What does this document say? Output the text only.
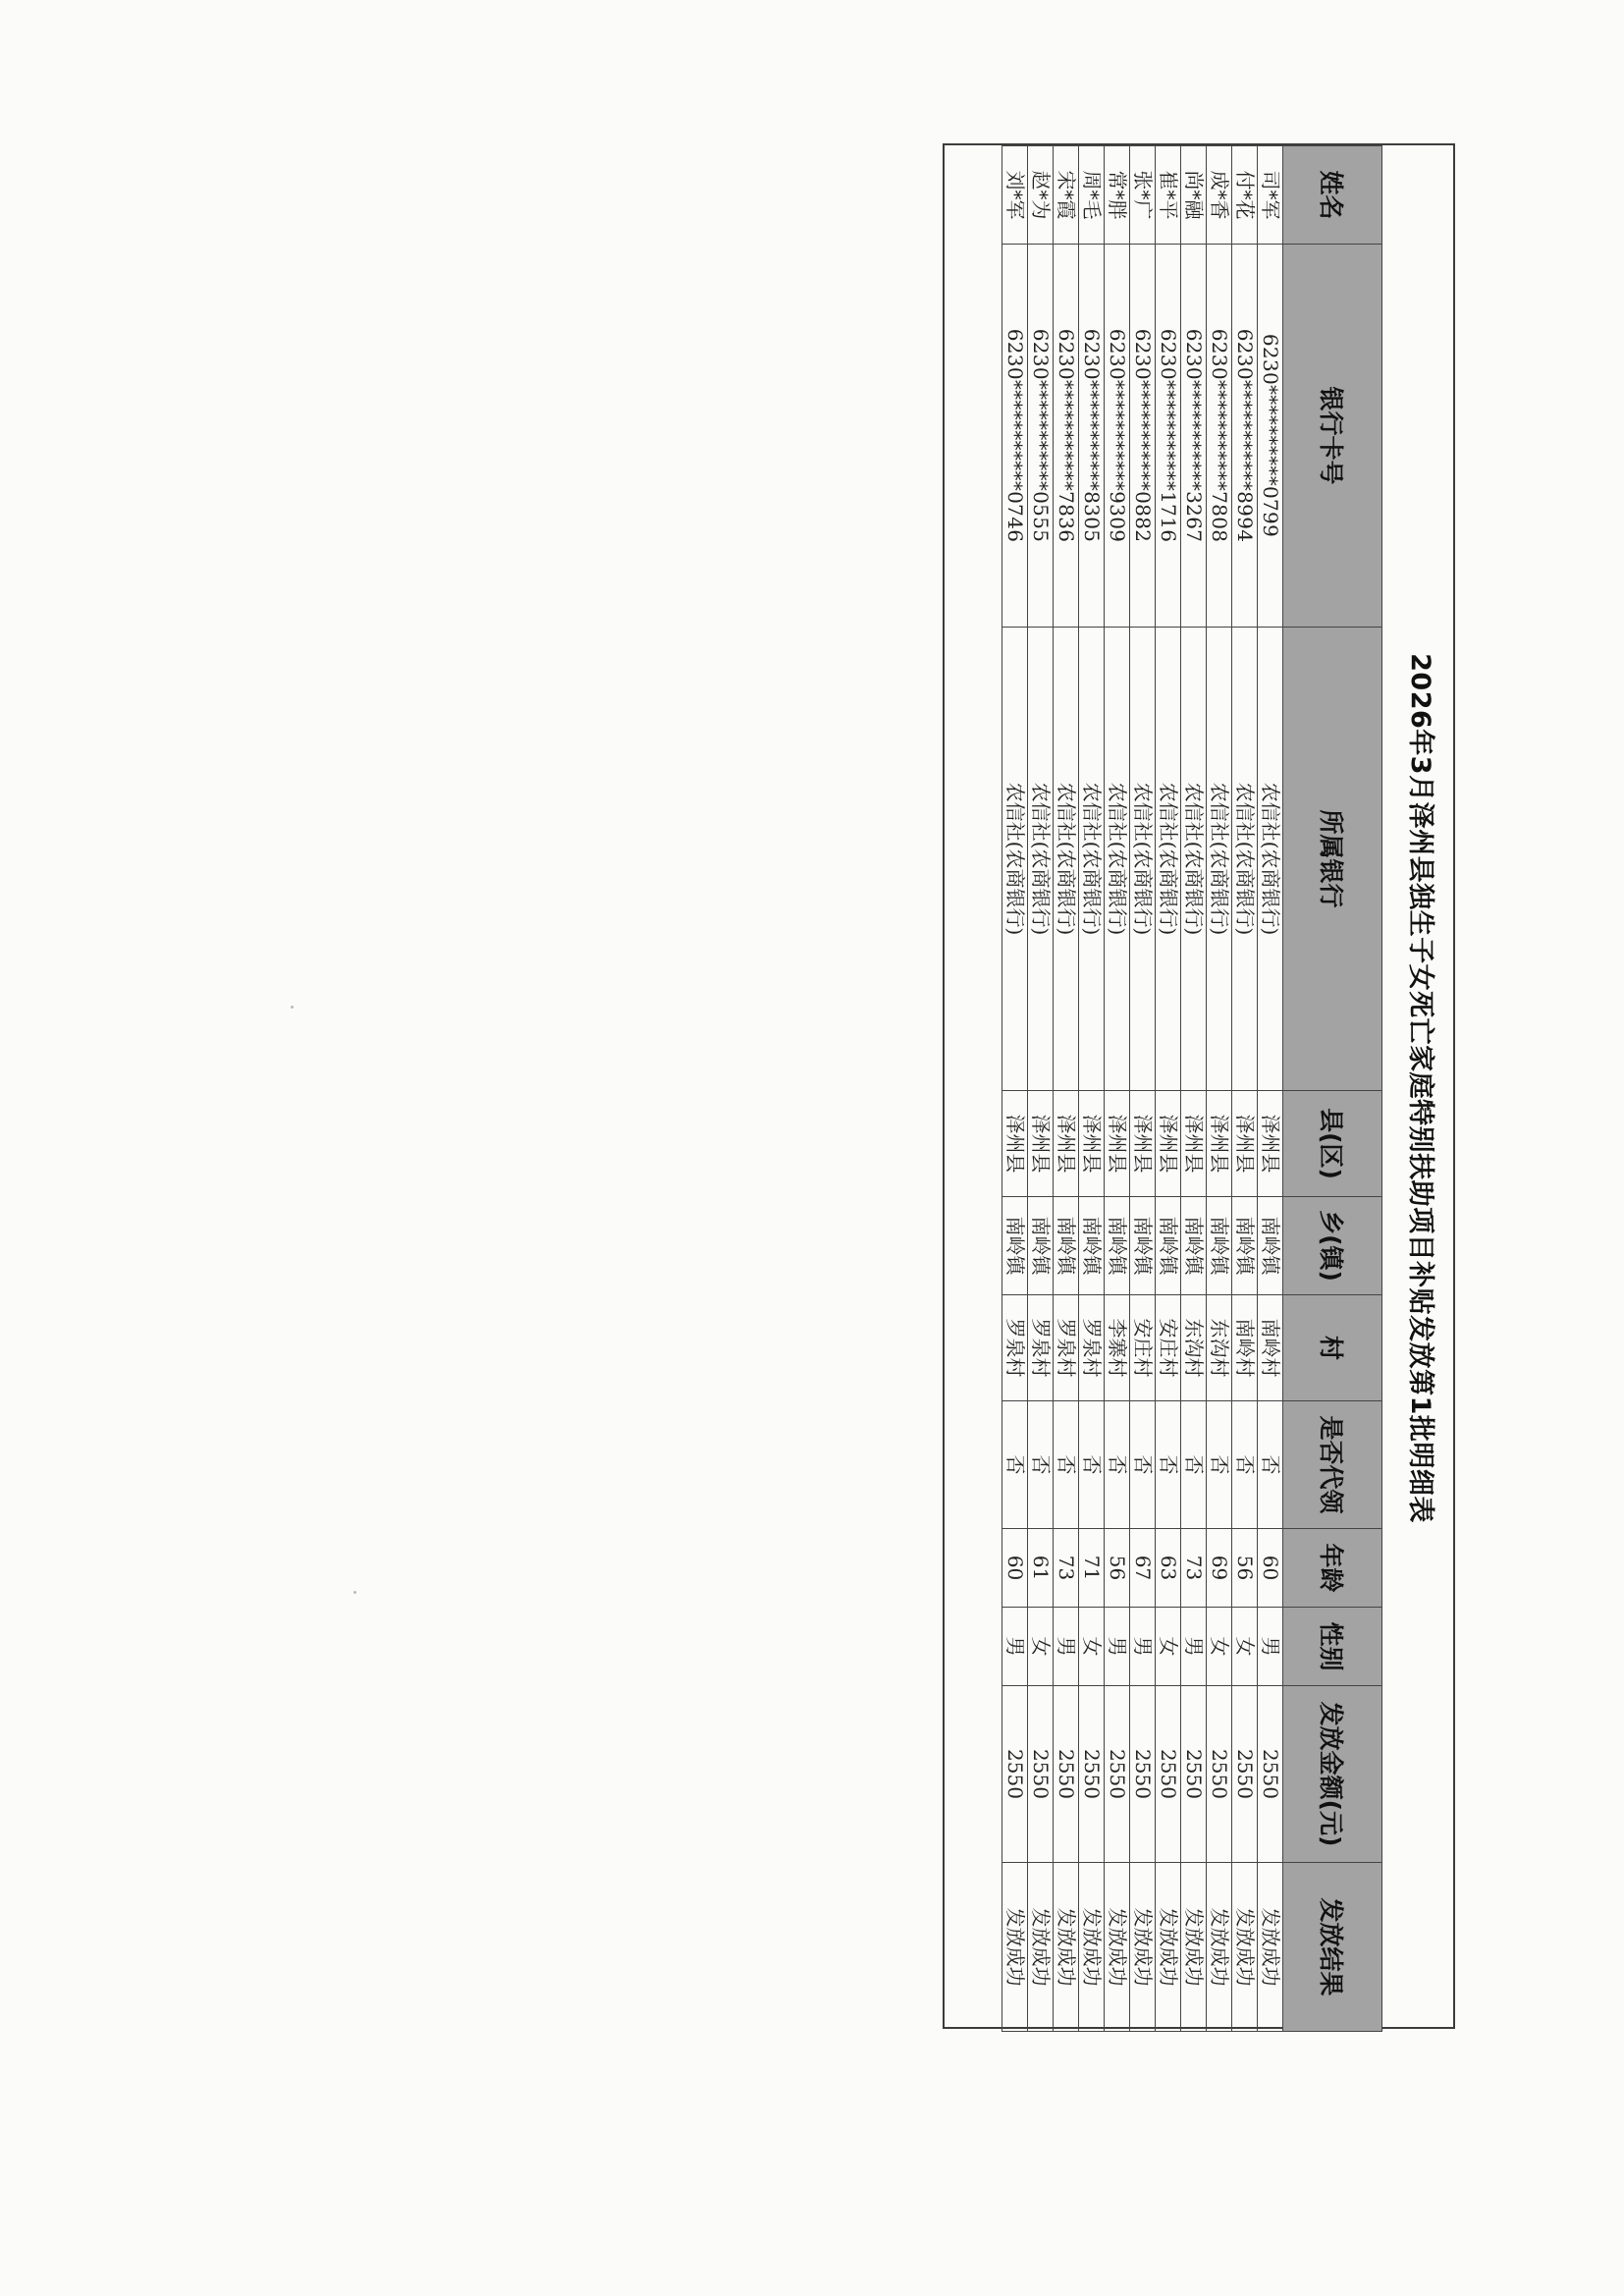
2026年3月泽州县独生子女死亡家庭特别扶助项目补贴发放第1批明细表
姓名	银行卡号	所属银行	县(区)	乡(镇)	村	是否代领	年龄	性别	发放金额(元)	发放结果
司*军	6230**********0799	农信社(农商银行)	泽州县	南岭镇	南岭村	否	60	男	2550	发放成功
付*花	6230***********8994	农信社(农商银行)	泽州县	南岭镇	南岭村	否	56	女	2550	发放成功
成*香	6230***********7808	农信社(农商银行)	泽州县	南岭镇	东沟村	否	69	女	2550	发放成功
尚*融	6230***********3267	农信社(农商银行)	泽州县	南岭镇	东沟村	否	73	男	2550	发放成功
崔*平	6230***********1716	农信社(农商银行)	泽州县	南岭镇	安庄村	否	63	女	2550	发放成功
张*广	6230***********0882	农信社(农商银行)	泽州县	南岭镇	安庄村	否	67	男	2550	发放成功
常*胖	6230***********9309	农信社(农商银行)	泽州县	南岭镇	李寨村	否	56	男	2550	发放成功
周*毛	6230***********8305	农信社(农商银行)	泽州县	南岭镇	罗泉村	否	71	女	2550	发放成功
宋*霞	6230***********7836	农信社(农商银行)	泽州县	南岭镇	罗泉村	否	73	男	2550	发放成功
赵*为	6230***********0555	农信社(农商银行)	泽州县	南岭镇	罗泉村	否	61	女	2550	发放成功
刘*军	6230***********0746	农信社(农商银行)	泽州县	南岭镇	罗泉村	否	60	男	2550	发放成功
